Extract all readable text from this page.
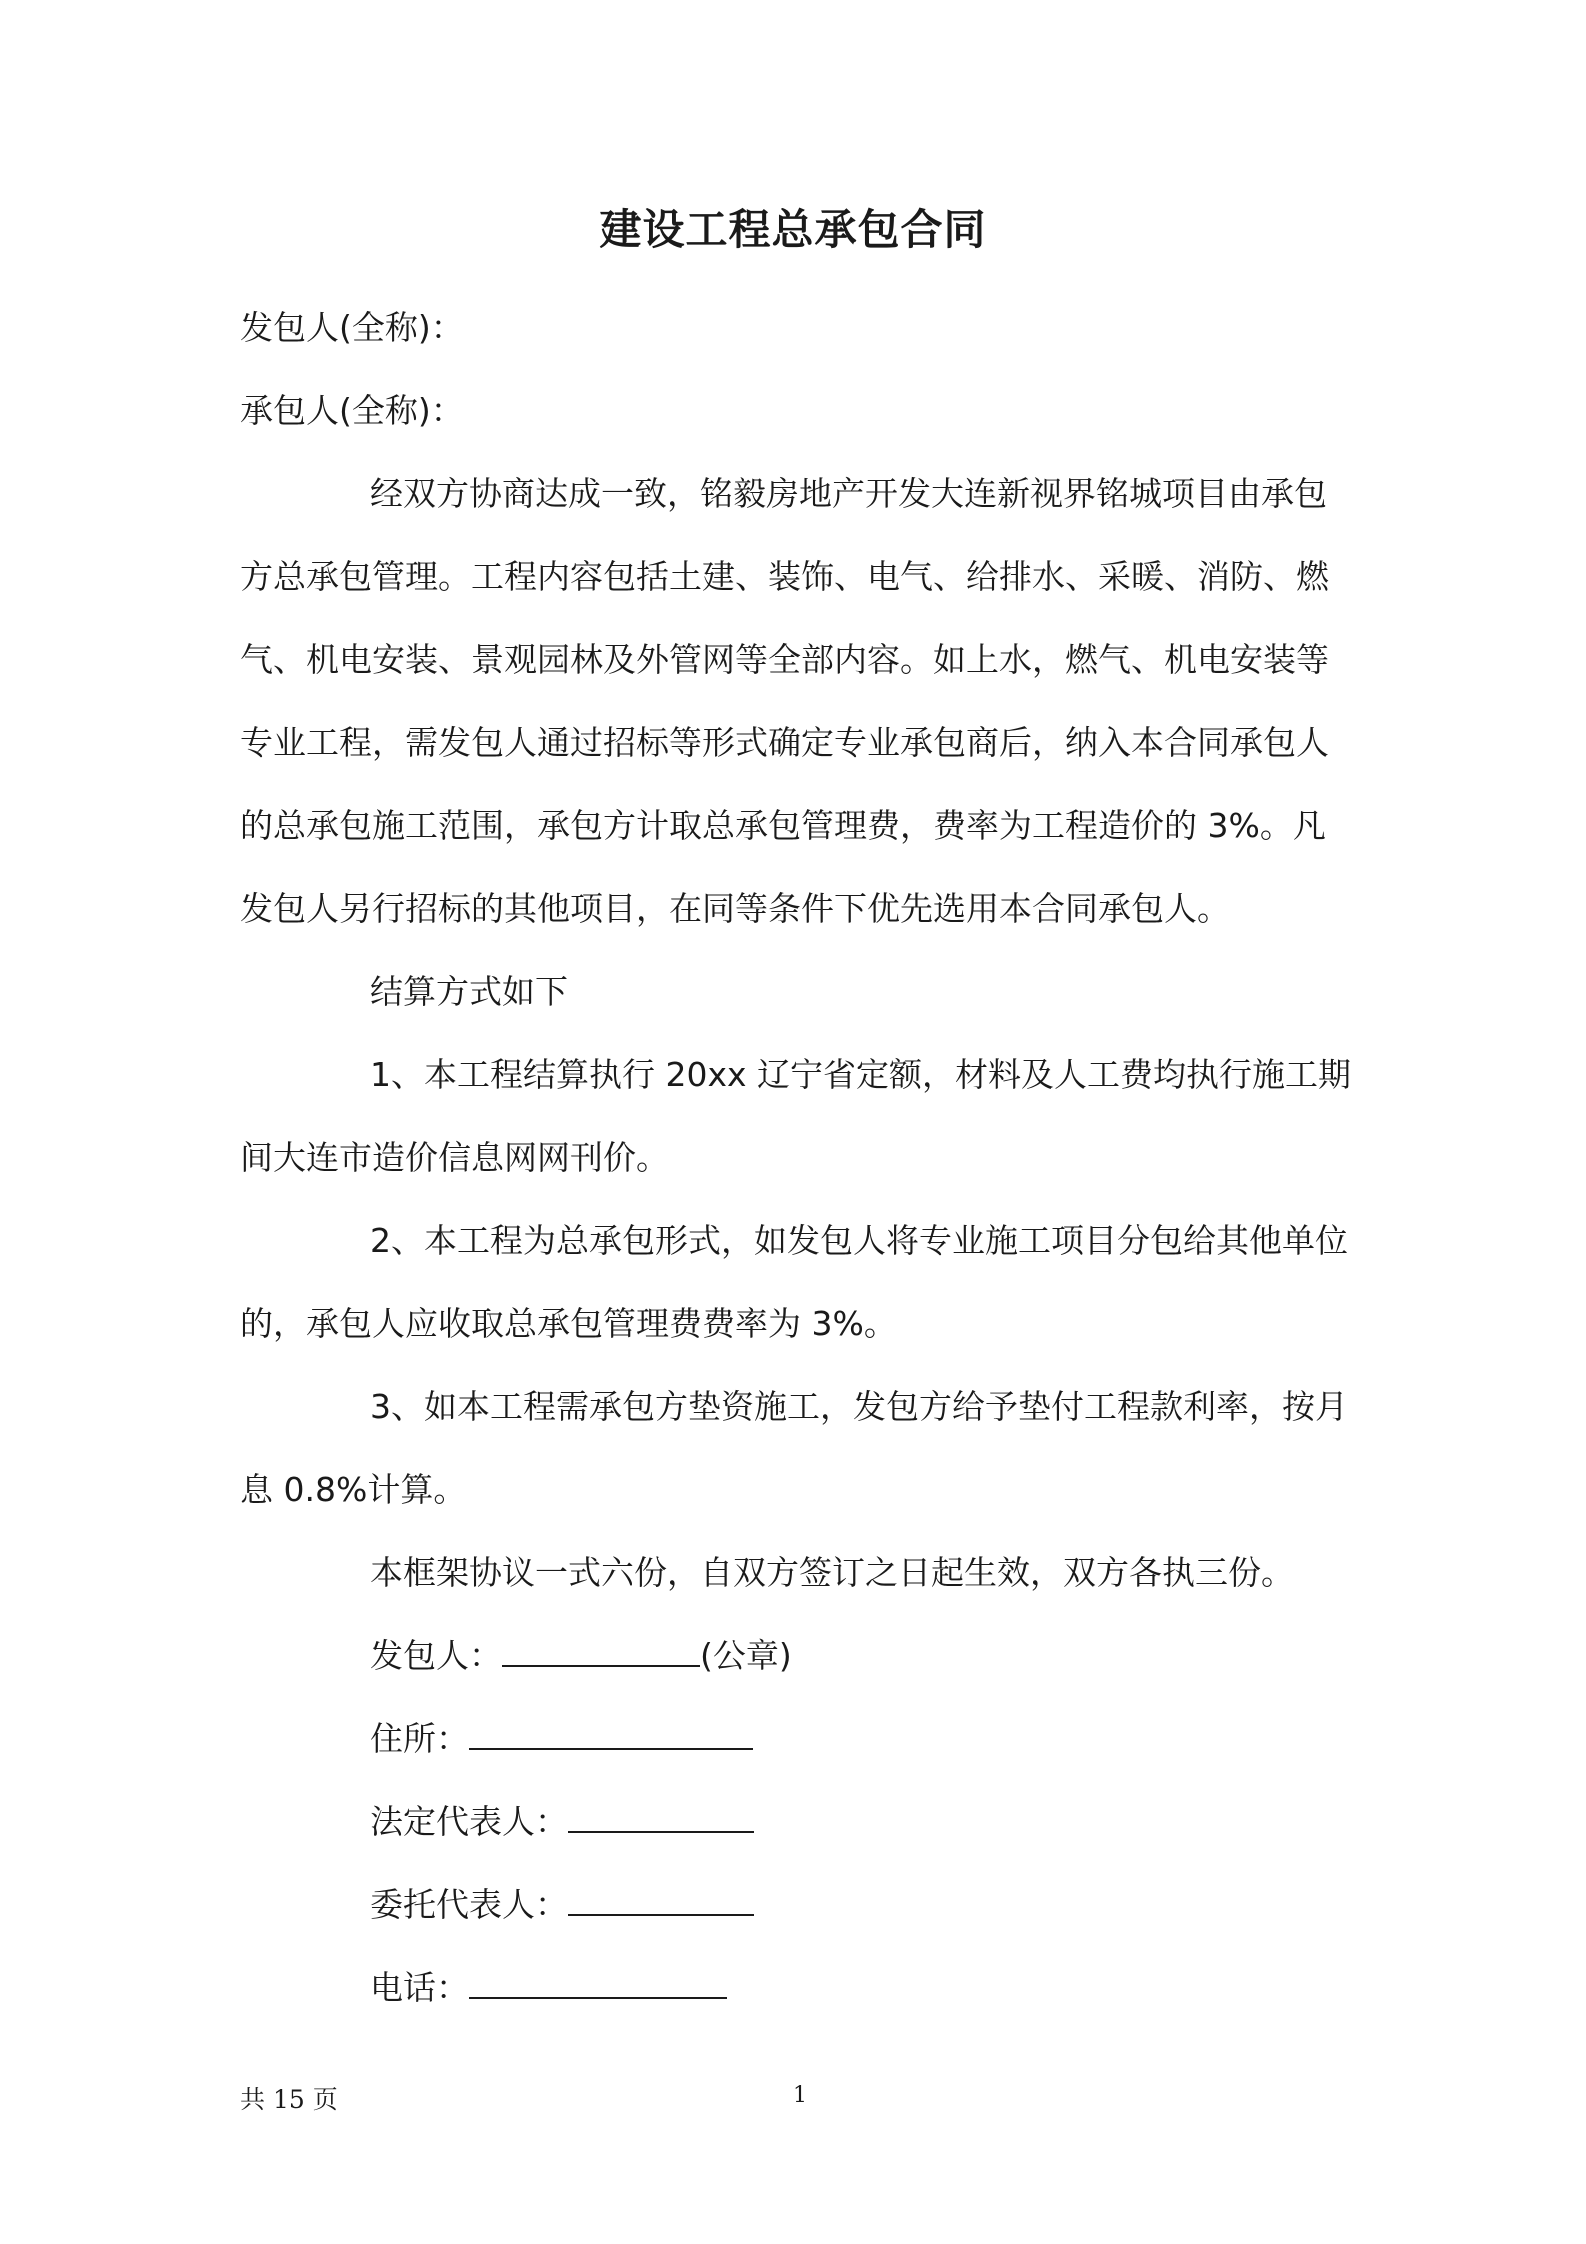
建设工程总承包合同

发包人(全称)：

承包人(全称)：

经双方协商达成一致，铭毅房地产开发大连新视界铭城项目由承包方总承包管理。工程内容包括土建、装饰、电气、给排水、采暖、消防、燃气、机电安装、景观园林及外管网等全部内容。如上水，燃气、机电安装等专业工程，需发包人通过招标等形式确定专业承包商后，纳入本合同承包人的总承包施工范围，承包方计取总承包管理费，费率为工程造价的 3%。凡发包人另行招标的其他项目，在同等条件下优先选用本合同承包人。

结算方式如下

1、本工程结算执行 20xx 辽宁省定额，材料及人工费均执行施工期间大连市造价信息网网刊价。

2、本工程为总承包形式，如发包人将专业施工项目分包给其他单位的，承包人应收取总承包管理费费率为 3%。

3、如本工程需承包方垫资施工，发包方给予垫付工程款利率，按月息 0.8%计算。

本框架协议一式六份，自双方签订之日起生效，双方各执三份。

发包人：	(公章)

住所：

法定代表人：

委托代表人：

电话：

共 15 页	1
